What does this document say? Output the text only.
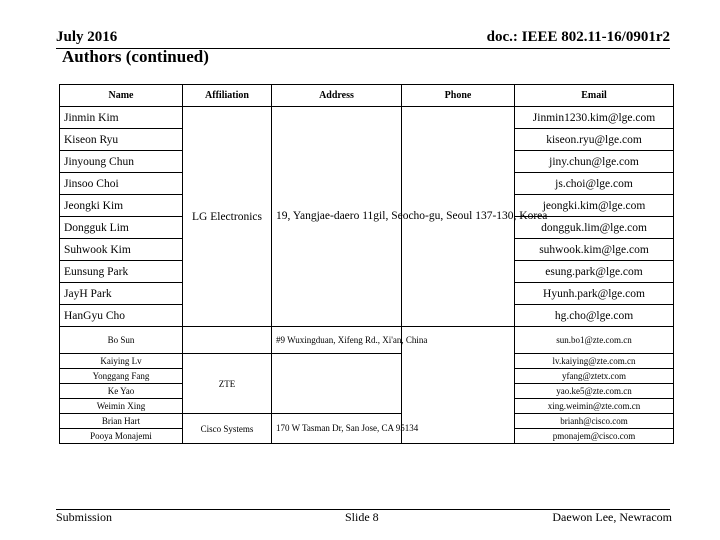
July 2016	doc.: IEEE 802.11-16/0901r2
Authors (continued)
Name	Affiliation	Address	Phone	Email
Jinmin Kim	LG Electronics	19, Yangjae-daero 11gil, Seocho-gu, Seoul 137-130, Korea		Jinmin1230.kim@lge.com
Kiseon Ryu				kiseon.ryu@lge.com
Jinyoung Chun				jiny.chun@lge.com
Jinsoo Choi				js.choi@lge.com
Jeongki Kim				jeongki.kim@lge.com
Dongguk Lim				dongguk.lim@lge.com
Suhwook Kim				suhwook.kim@lge.com
Eunsung Park				esung.park@lge.com
JayH Park				Hyunh.park@lge.com
HanGyu Cho				hg.cho@lge.com
Bo Sun		#9 Wuxingduan, Xifeng Rd., Xi'an, China		sun.bo1@zte.com.cn
Kaiying Lv	ZTE			lv.kaiying@zte.com.cn
Yonggang Fang				yfang@ztetx.com
Ke Yao				yao.ke5@zte.com.cn
Weimin Xing				xing.weimin@zte.com.cn
Brian Hart	Cisco Systems	170 W Tasman Dr, San Jose, CA 95134		brianh@cisco.com
Pooya Monajemi				pmonajem@cisco.com
Submission	Slide 8	Daewon Lee, Newracom
